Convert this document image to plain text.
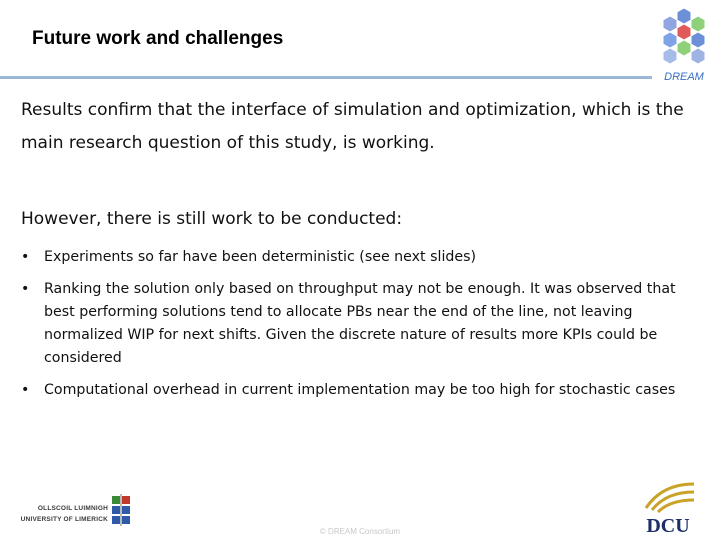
Future work and challenges
DREAM
Results confirm that the interface of simulation and optimization, which is the main research question of this study, is working.
However, there is still work to be conducted:
• Experiments so far have been deterministic (see next slides)
• Ranking the solution only based on throughput may not be enough. It was observed that best performing solutions tend to allocate PBs near the end of the line, not leaving normalized WIP for next shifts. Given the discrete nature of results more KPIs could be considered
• Computational overhead in current implementation may be too high for stochastic cases
OLLSCOIL LUIMNIGH
UNIVERSITY OF LIMERICK
© DREAM Consortium	DCU
